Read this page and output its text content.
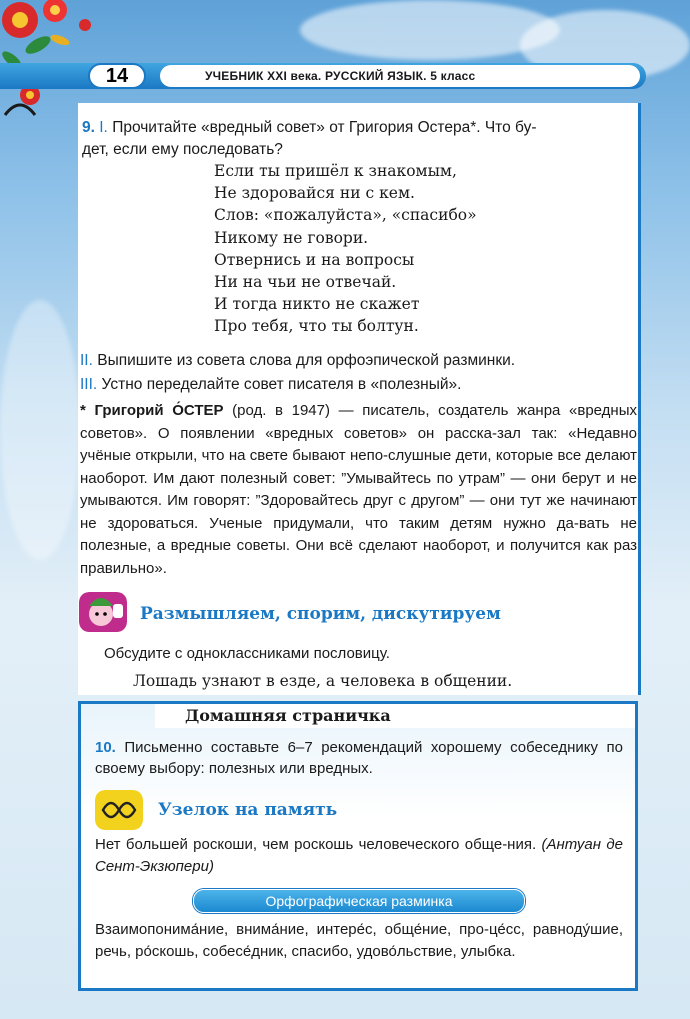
14	УЧЕБНИК XXI века. РУССКИЙ ЯЗЫК. 5 класс
9. I. Прочитайте «вредный совет» от Григория Остера*. Что бу-
дет, если ему последовать?
Если ты пришёл к знакомым,
Не здоровайся ни с кем.
Слов: «пожалуйста», «спасибо»
Никому не говори.
Отвернись и на вопросы
Ни на чьи не отвечай.
И тогда никто не скажет
Про тебя, что ты болтун.
II. Выпишите из совета слова для орфоэпической разминки.
III. Устно переделайте совет писателя в «полезный».
* Григорий О́СТЕР (род. в 1947) — писатель, создатель жанра «вредных советов». О появлении «вредных советов» он расска-зал так: «Недавно учёные открыли, что на свете бывают непо-слушные дети, которые все делают наоборот. Им дают полезный совет: ”Умывайтесь по утрам” — они берут и не умываются. Им говорят: ”Здоровайтесь друг с другом” — они тут же начинают не здороваться. Ученые придумали, что таким детям нужно да-вать не полезные, а вредные советы. Они всё сделают наоборот, и получится как раз правильно».
Размышляем, спорим, дискутируем
Обсудите с одноклассниками пословицу.
Лошадь узнают в езде, а человека в общении.
Домашняя страничка
10. Письменно составьте 6–7 рекомендаций хорошему собеседнику по своему выбору: полезных или вредных.
Узелок на память
Нет большей роскоши, чем роскошь человеческого обще-ния. (Антуан де Сент-Экзюпери)
Орфографическая разминка
Взаимопонима́ние, внима́ние, интере́с, обще́ние, про-це́сс, равноду́шие, речь, ро́скошь, собесе́дник, спасибо, удово́льствие, улыбка.
